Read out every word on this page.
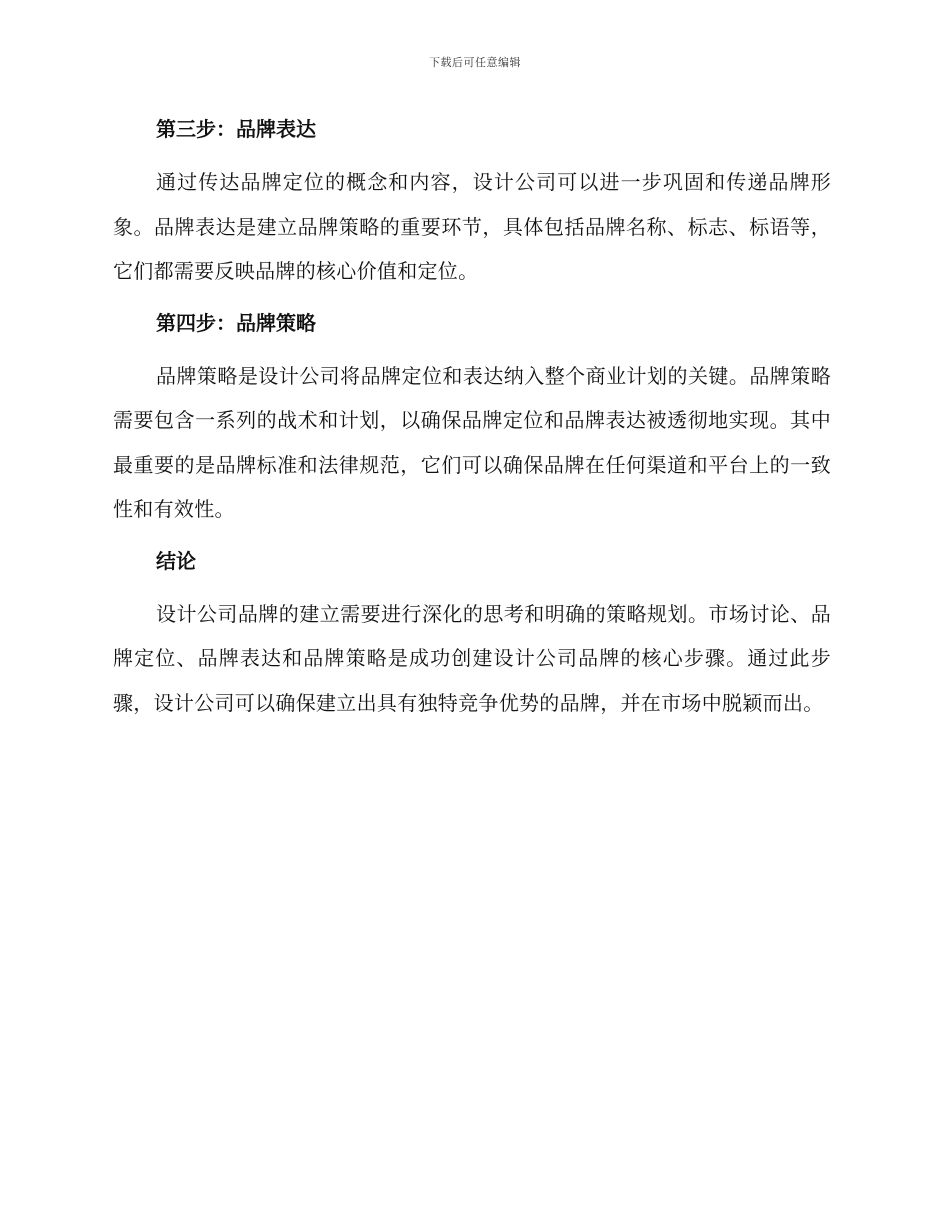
下载后可任意编辑
第三步：品牌表达

通过传达品牌定位的概念和内容，设计公司可以进一步巩固和传递品牌形象。品牌表达是建立品牌策略的重要环节，具体包括品牌名称、标志、标语等，它们都需要反映品牌的核心价值和定位。

第四步：品牌策略

品牌策略是设计公司将品牌定位和表达纳入整个商业计划的关键。品牌策略需要包含一系列的战术和计划，以确保品牌定位和品牌表达被透彻地实现。其中最重要的是品牌标准和法律规范，它们可以确保品牌在任何渠道和平台上的一致性和有效性。

结论

设计公司品牌的建立需要进行深化的思考和明确的策略规划。市场讨论、品牌定位、品牌表达和品牌策略是成功创建设计公司品牌的核心步骤。通过此步骤，设计公司可以确保建立出具有独特竞争优势的品牌，并在市场中脱颖而出。
